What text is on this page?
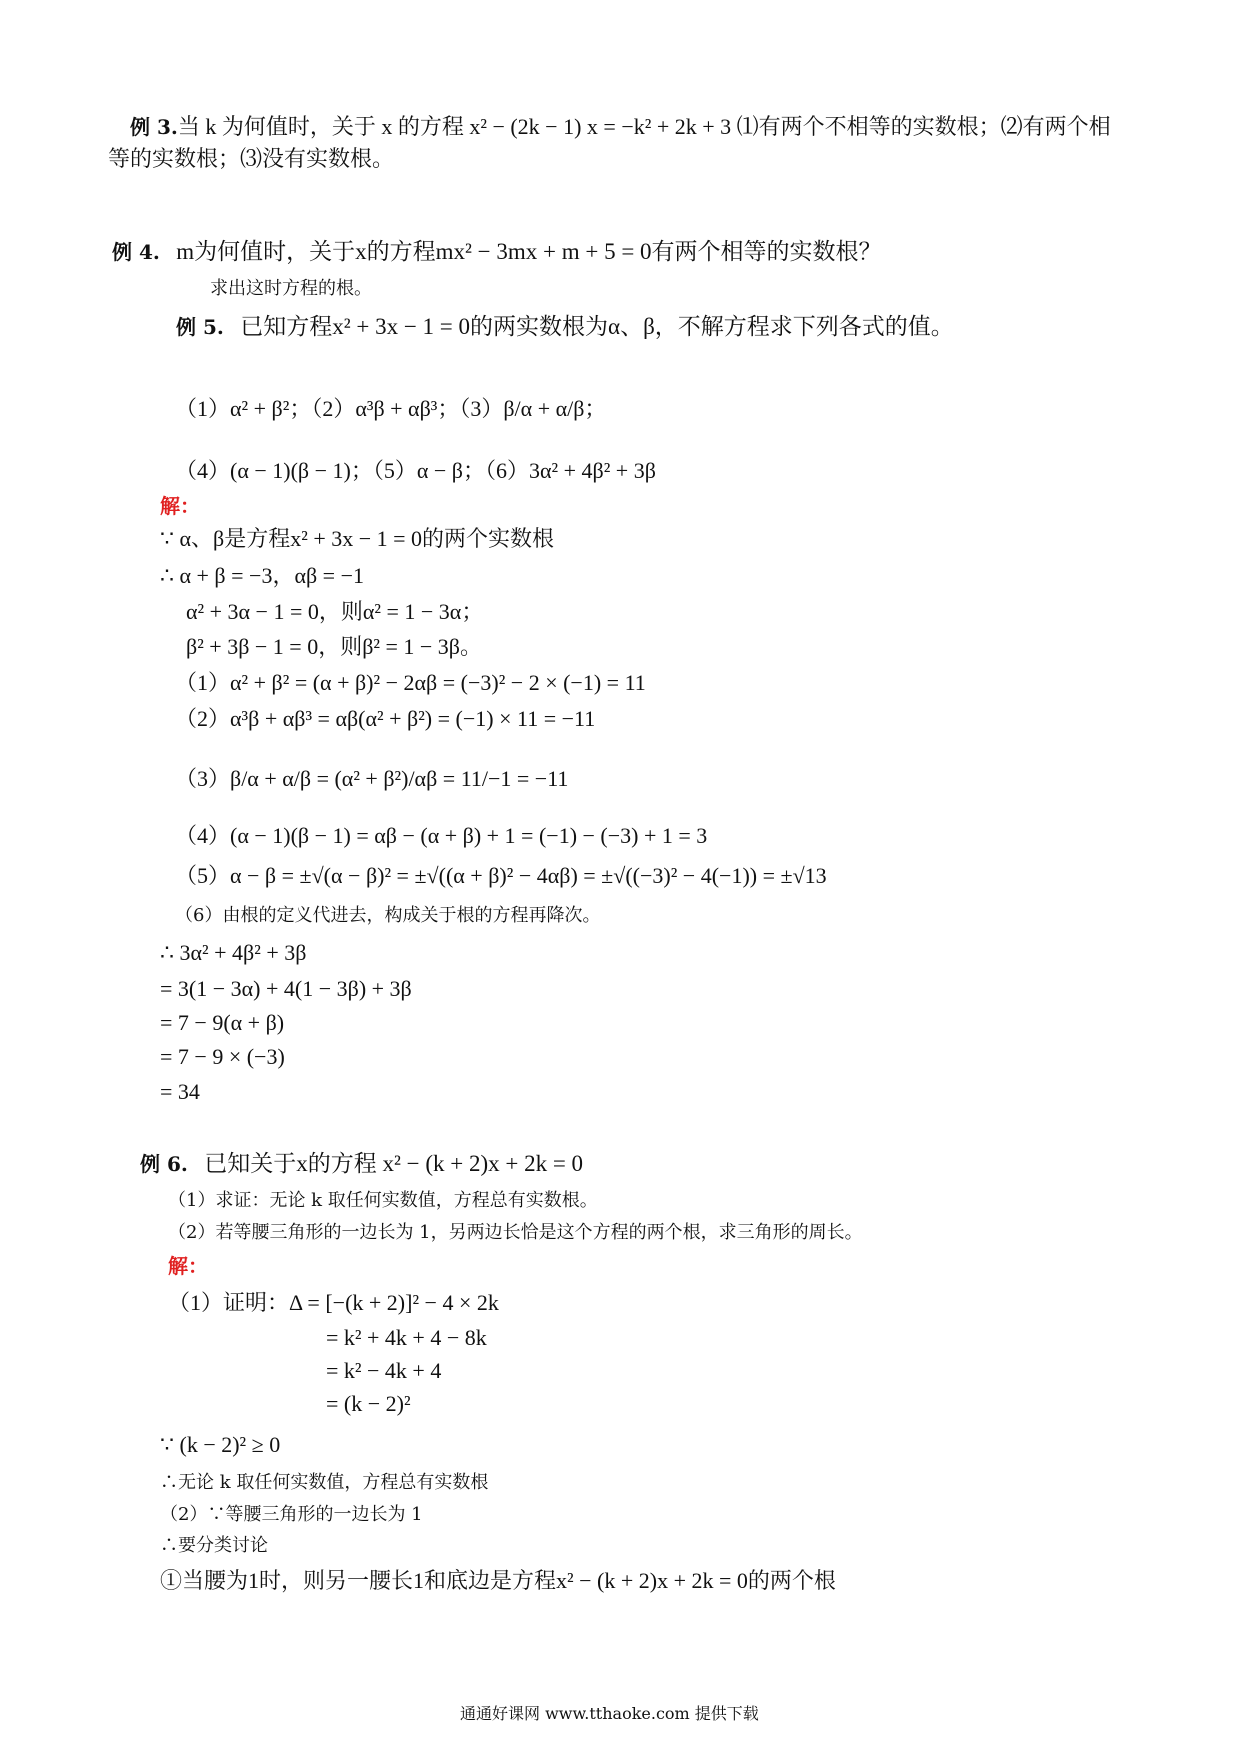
例 3.当 k 为何值时，关于 x 的方程 x² − (2k − 1) x = −k² + 2k + 3 ⑴有两个不相等的实数根；⑵有两个相
等的实数根；⑶没有实数根。
例 4. m为何值时，关于x的方程mx² − 3mx + m + 5 = 0有两个相等的实数根？
求出这时方程的根。
例 5. 已知方程x² + 3x − 1 = 0的两实数根为α、β，不解方程求下列各式的值。
（1）α² + β²；（2）α³β + αβ³；（3）β/α + α/β；
（4）(α − 1)(β − 1)；（5）α − β；（6）3α² + 4β² + 3β
解：
∵ α、β是方程x² + 3x − 1 = 0的两个实数根
∴ α + β = −3，αβ = −1
α² + 3α − 1 = 0，则α² = 1 − 3α；
β² + 3β − 1 = 0，则β² = 1 − 3β。
（1）α² + β² = (α + β)² − 2αβ = (−3)² − 2 × (−1) = 11
（2）α³β + αβ³ = αβ(α² + β²) = (−1) × 11 = −11
（3）β/α + α/β = (α² + β²)/αβ = 11/−1 = −11
（4）(α − 1)(β − 1) = αβ − (α + β) + 1 = (−1) − (−3) + 1 = 3
（5）α − β = ±√(α − β)² = ±√((α + β)² − 4αβ) = ±√((−3)² − 4(−1)) = ±√13
（6）由根的定义代进去，构成关于根的方程再降次。
∴ 3α² + 4β² + 3β
= 3(1 − 3α) + 4(1 − 3β) + 3β
= 7 − 9(α + β)
= 7 − 9 × (−3)
= 34
例 6. 已知关于x的方程 x² − (k + 2)x + 2k = 0
（1）求证：无论 k 取任何实数值，方程总有实数根。
（2）若等腰三角形的一边长为 1，另两边长恰是这个方程的两个根，求三角形的周长。
解：
（1）证明：Δ = [−(k + 2)]² − 4 × 2k
= k² + 4k + 4 − 8k
= k² − 4k + 4
= (k − 2)²
∵ (k − 2)² ≥ 0
∴无论 k 取任何实数值，方程总有实数根
（2）∵等腰三角形的一边长为 1
∴要分类讨论
①当腰为1时，则另一腰长1和底边是方程x² − (k + 2)x + 2k = 0的两个根
通通好课网 www.tthaoke.com 提供下载
